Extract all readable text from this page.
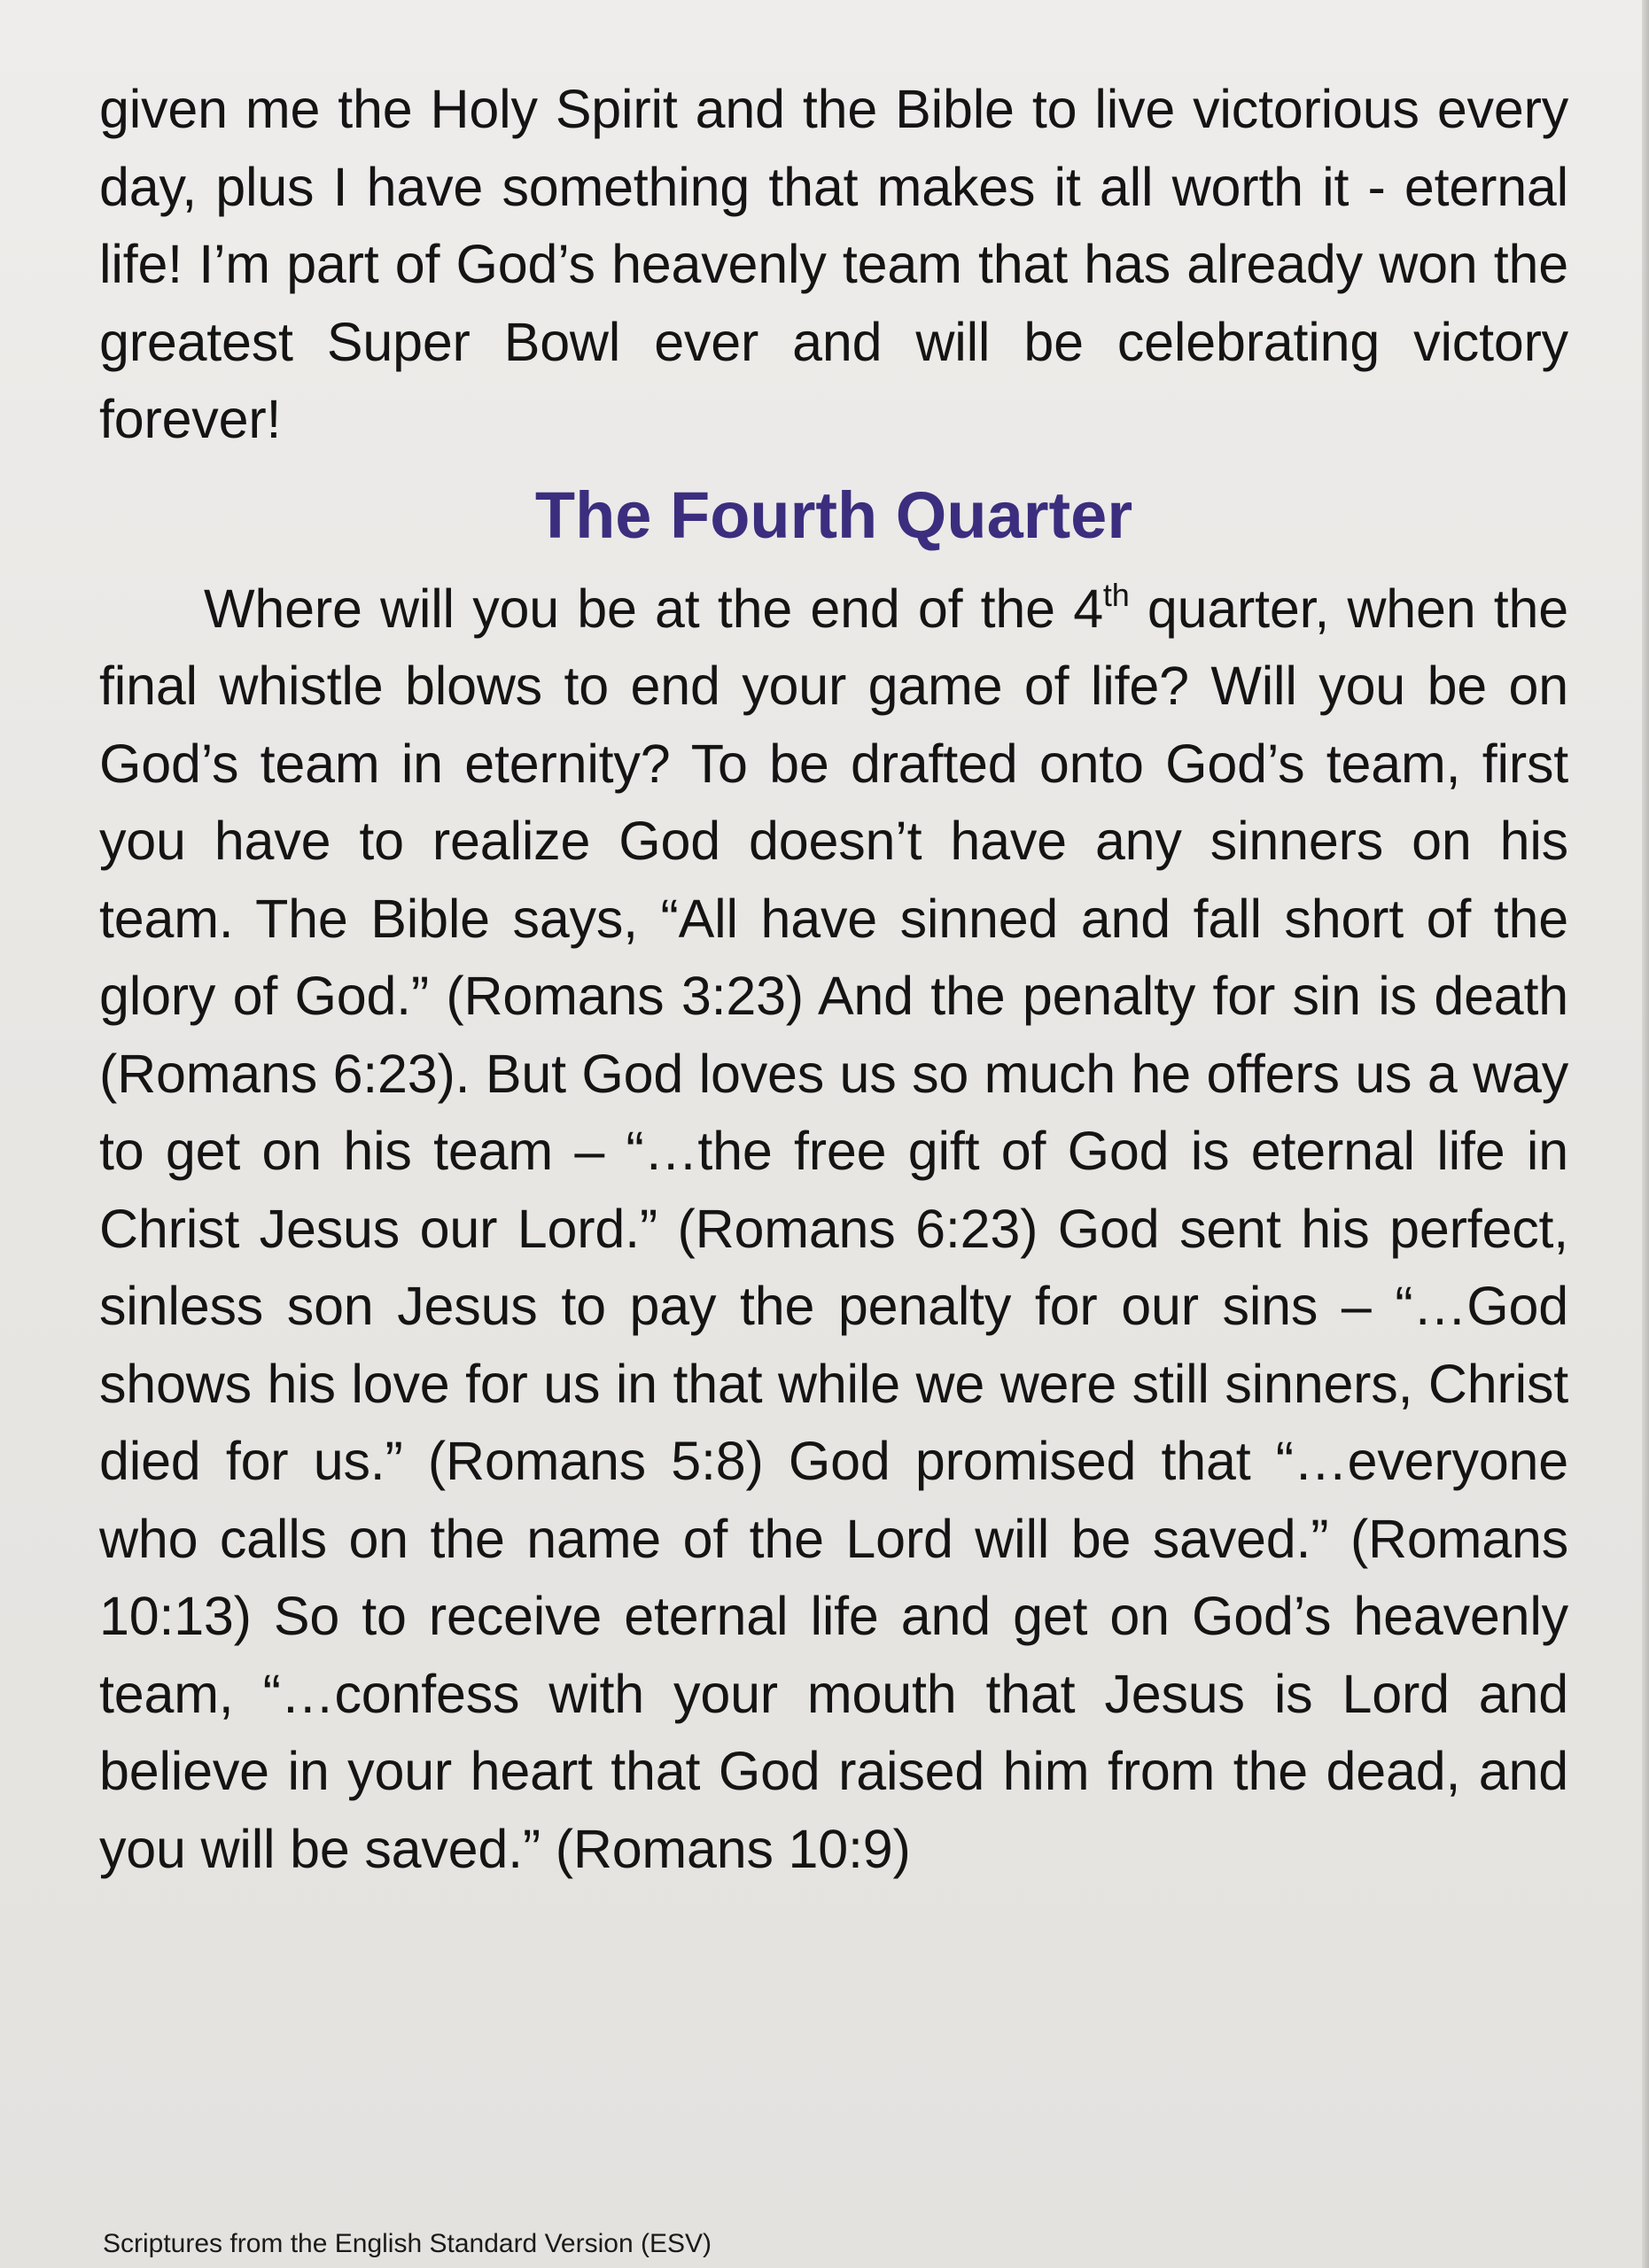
given me the Holy Spirit and the Bible to live victorious every day, plus I have something that makes it all worth it - eternal life! I’m part of God’s heavenly team that has already won the greatest Super Bowl ever and will be celebrating victory forever!

The Fourth Quarter

Where will you be at the end of the 4th quarter, when the final whistle blows to end your game of life? Will you be on God’s team in eternity? To be drafted onto God’s team, first you have to realize God doesn’t have any sinners on his team. The Bible says, “All have sinned and fall short of the glory of God.” (Romans 3:23) And the penalty for sin is death (Romans 6:23). But God loves us so much he offers us a way to get on his team – “…the free gift of God is eternal life in Christ Jesus our Lord.” (Romans 6:23) God sent his perfect, sinless son Jesus to pay the penalty for our sins – “…God shows his love for us in that while we were still sinners, Christ died for us.” (Romans 5:8) God promised that “…everyone who calls on the name of the Lord will be saved.” (Romans 10:13) So to receive eternal life and get on God’s heavenly team, “…confess with your mouth that Jesus is Lord and believe in your heart that God raised him from the dead, and you will be saved.” (Romans 10:9)

Scriptures from the English Standard Version (ESV)
